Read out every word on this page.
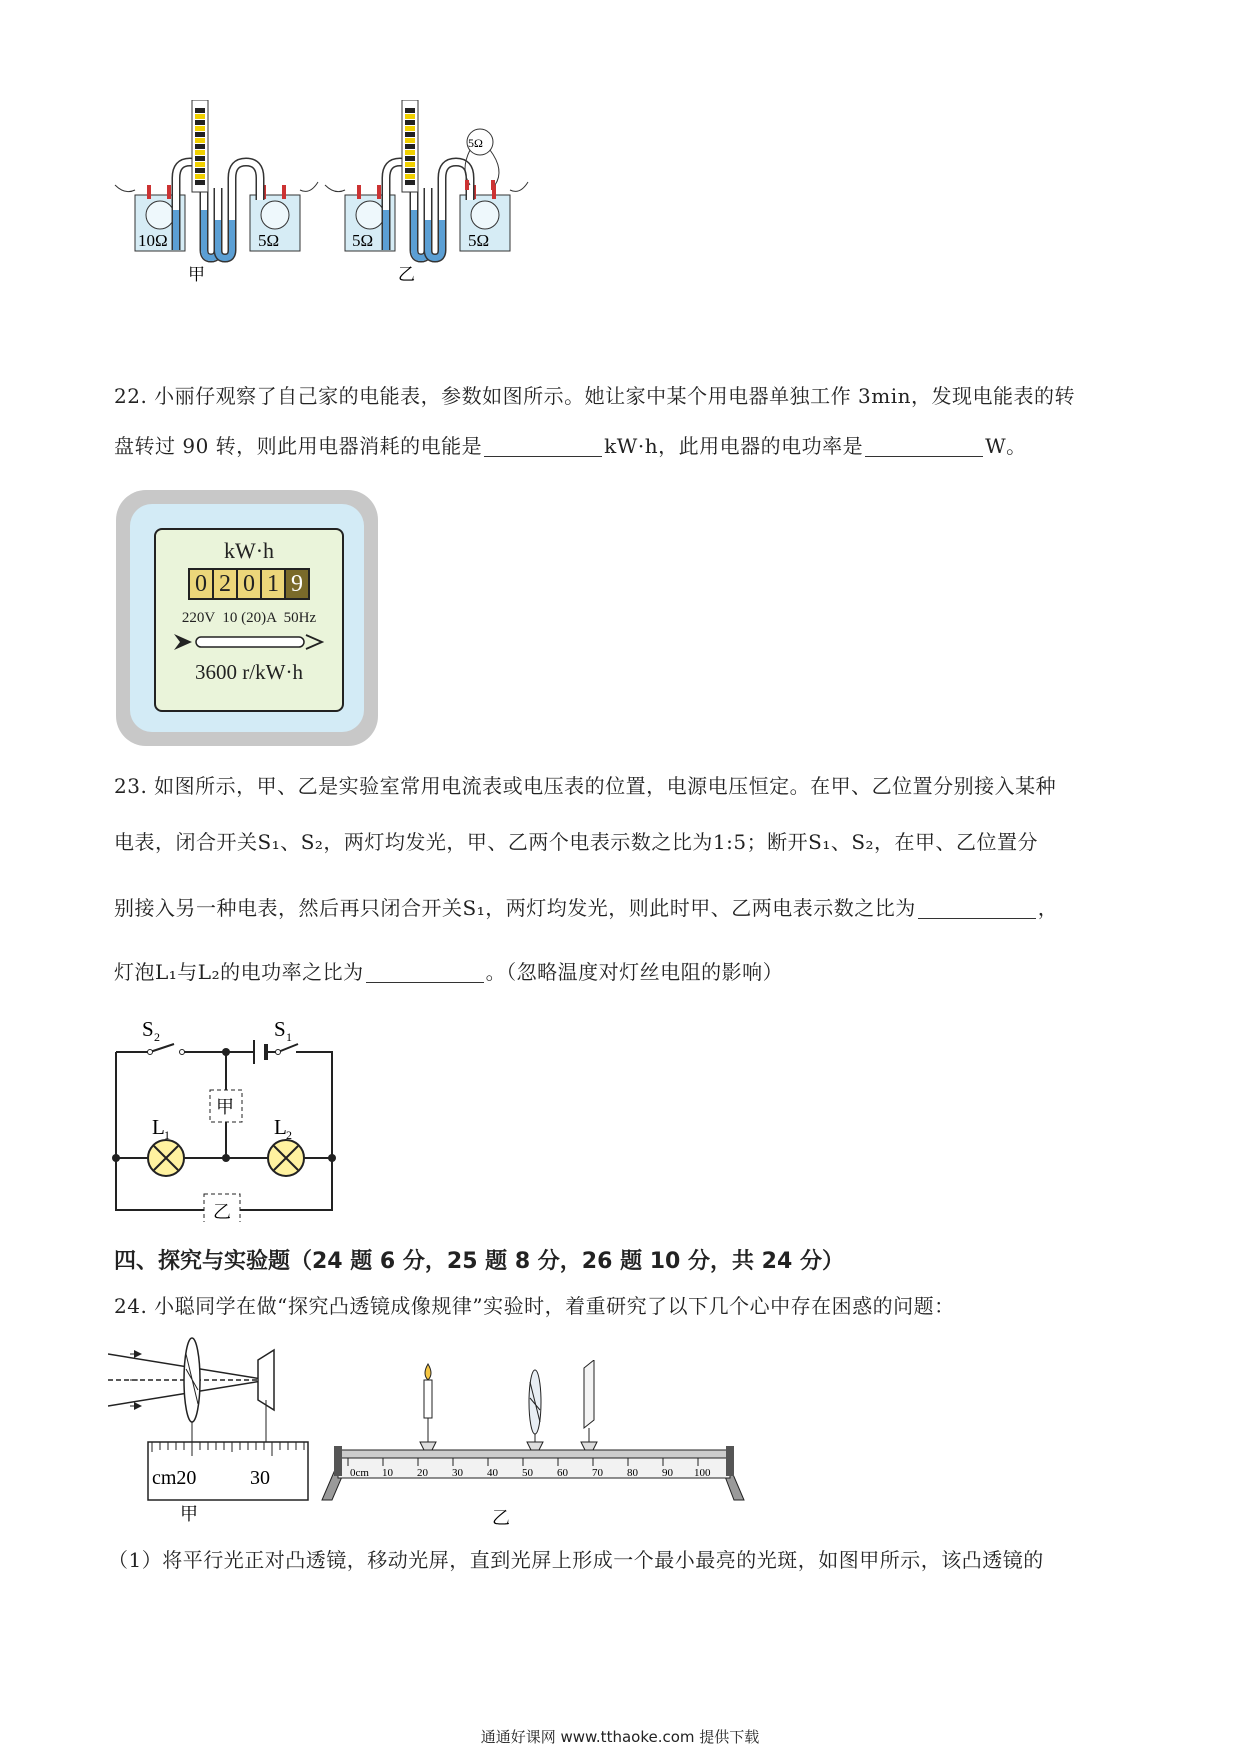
10Ω	5Ω
甲
5Ω
5Ω	5Ω
乙
22. 小丽仔观察了自己家的电能表，参数如图所示。她让家中某个用电器单独工作 3min，发现电能表的转
盘转过 90 转，则此用电器消耗的电能是	kW·h，此用电器的电功率是	W。
kW·h
0 2 0 1 9
220V  10 (20)A  50Hz
3600 r/kW·h
23. 如图所示，甲、乙是实验室常用电流表或电压表的位置，电源电压恒定。在甲、乙位置分别接入某种
电表，闭合开关S₁、S₂，两灯均发光，甲、乙两个电表示数之比为1:5；断开S₁、S₂，在甲、乙位置分
别接入另一种电表，然后再只闭合开关S₁，两灯均发光，则此时甲、乙两电表示数之比为	，
灯泡L₁与L₂的电功率之比为	。（忽略温度对灯丝电阻的影响）
S 2	S 1
L 1	L 2
甲
乙
四、探究与实验题（24 题 6 分，25 题 8 分，26 题 10 分，共 24 分）
24. 小聪同学在做“探究凸透镜成像规律”实验时，着重研究了以下几个心中存在困惑的问题：
cm20	30
甲
0cm 10 20 30 40 50 60 70 80 90 100
乙
（1）将平行光正对凸透镜，移动光屏，直到光屏上形成一个最小最亮的光斑，如图甲所示，该凸透镜的
通通好课网 www.tthaoke.com 提供下载
